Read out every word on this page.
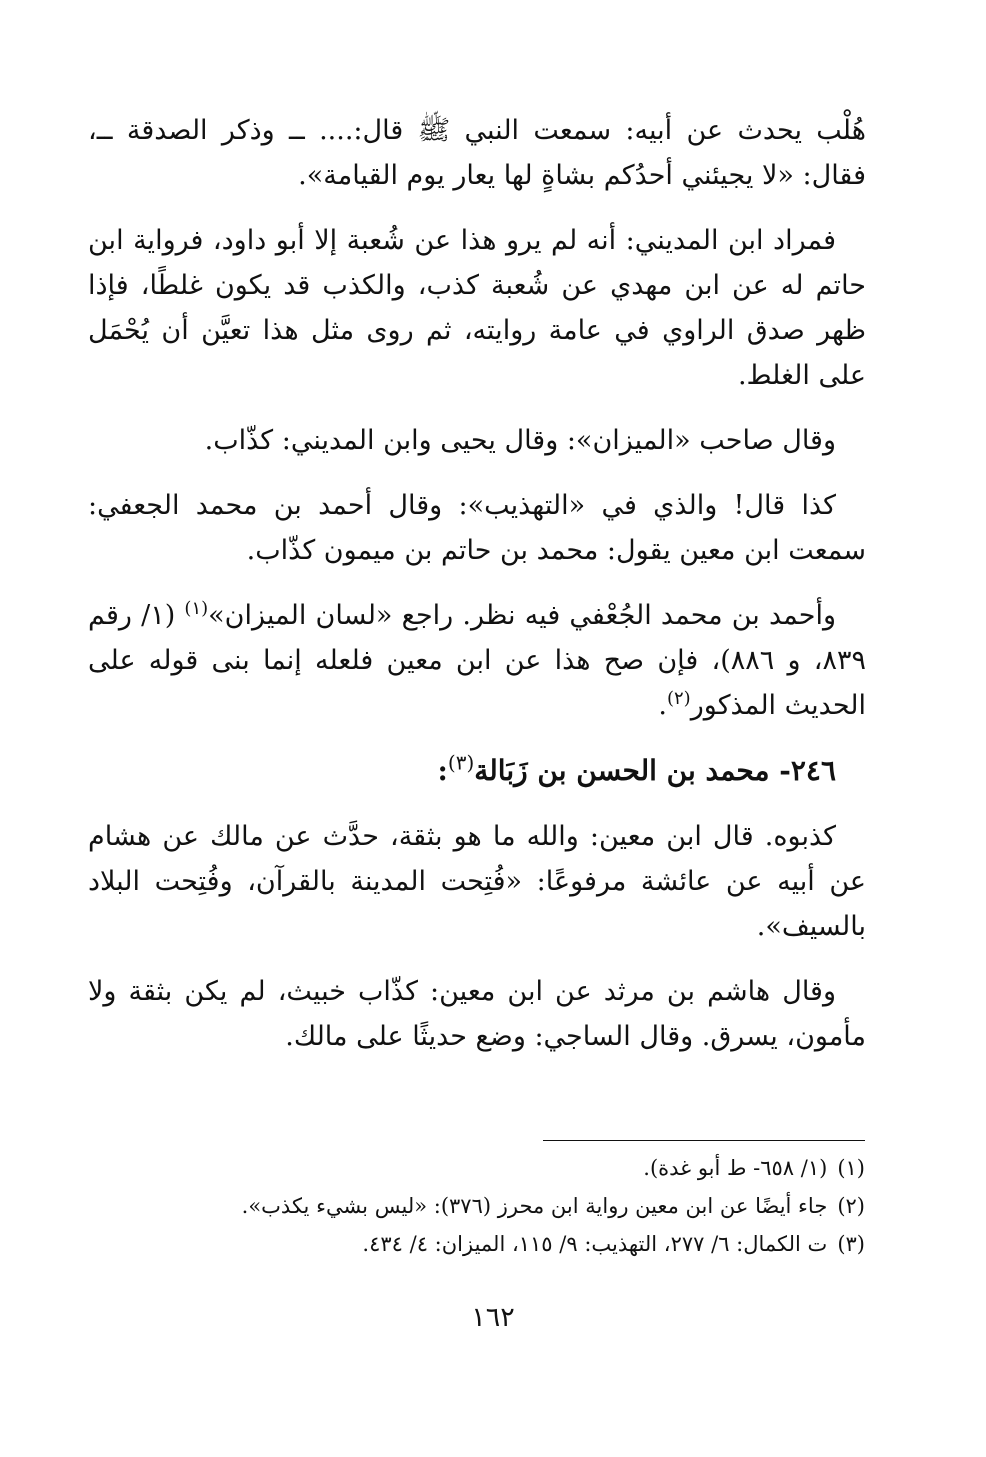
هُلْب يحدث عن أبيه: سمعت النبي ﷺ قال:.... ــ وذكر الصدقة ــ، فقال: «لا يجيئني أحدُكم بشاةٍ لها يعار يوم القيامة».

فمراد ابن المديني: أنه لم يرو هذا عن شُعبة إلا أبو داود، فرواية ابن حاتم له عن ابن مهدي عن شُعبة كذب، والكذب قد يكون غلطًا، فإذا ظهر صدق الراوي في عامة روايته، ثم روى مثل هذا تعيَّن أن يُحْمَل على الغلط.

وقال صاحب «الميزان»: وقال يحيى وابن المديني: كذّاب.

كذا قال! والذي في «التهذيب»: وقال أحمد بن محمد الجعفي: سمعت ابن معين يقول: محمد بن حاتم بن ميمون كذّاب.

وأحمد بن محمد الجُعْفي فيه نظر. راجع «لسان الميزان»$^{(١)}$ (١/ رقم ٨٣٩، و ٨٨٦)، فإن صح هذا عن ابن معين فلعله إنما بنى قوله على الحديث المذكور$^{(٢)}$.

٢٤٦- محمد بن الحسن بن زَبَالة$^{(٣)}$:

كذبوه. قال ابن معين: والله ما هو بثقة، حدَّث عن مالك عن هشام عن أبيه عن عائشة مرفوعًا: «فُتِحت المدينة بالقرآن، وفُتِحت البلاد بالسيف».

وقال هاشم بن مرثد عن ابن معين: كذّاب خبيث، لم يكن بثقة ولا مأمون، يسرق. وقال الساجي: وضع حديثًا على مالك.

(١)(١/ ٦٥٨- ط أبو غدة).
(٢)جاء أيضًا عن ابن معين رواية ابن محرز (٣٧٦): «ليس بشيء يكذب».
(٣)ت الكمال: ٦/ ٢٧٧، التهذيب: ٩/ ١١٥، الميزان: ٤/ ٤٣٤.
١٦٢
